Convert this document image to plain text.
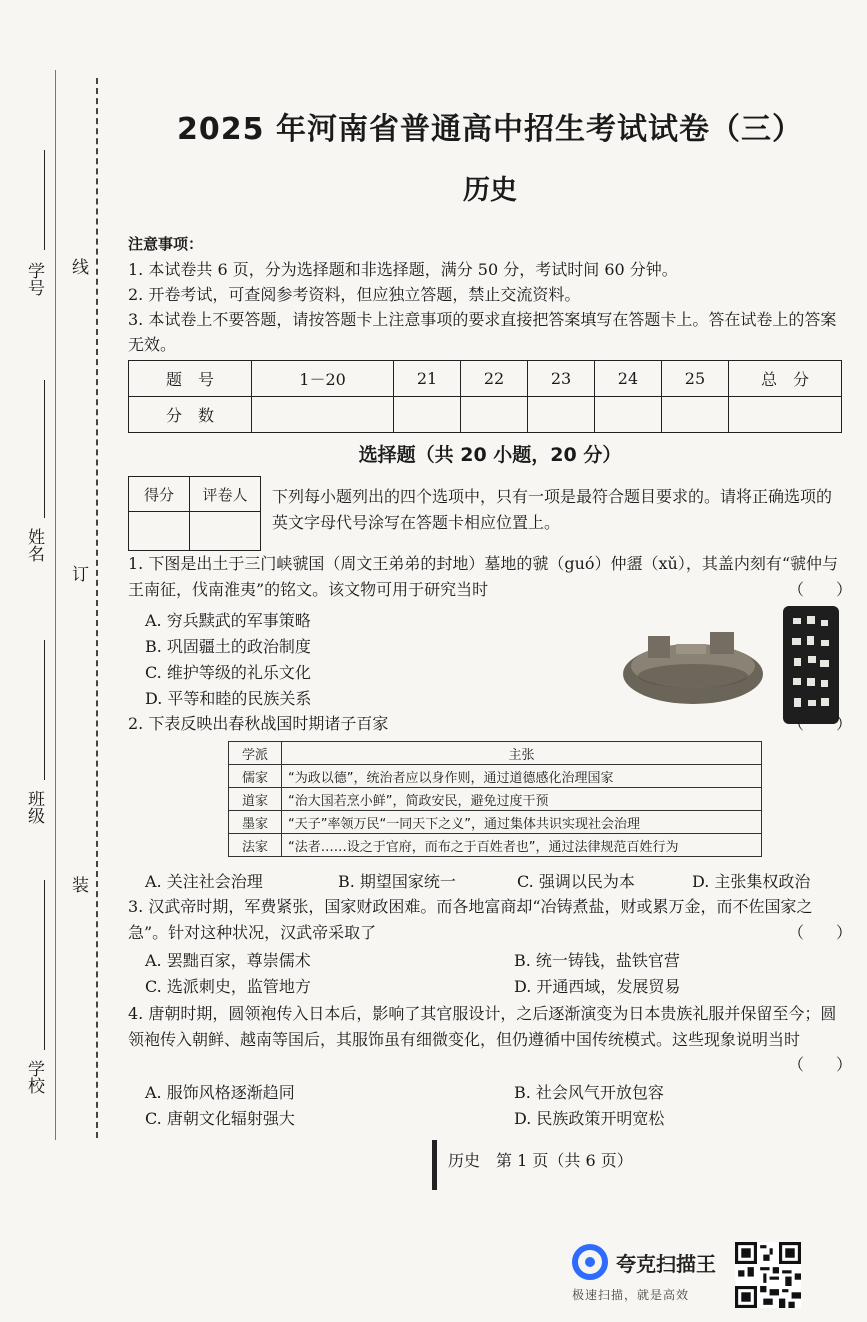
学号
姓名
班级
学校
线
订
装
2025 年河南省普通高中招生考试试卷（三）
历史
注意事项：
1. 本试卷共 6 页，分为选择题和非选择题，满分 50 分，考试时间 60 分钟。
2. 开卷考试，可查阅参考资料，但应独立答题，禁止交流资料。
3. 本试卷上不要答题，请按答题卡上注意事项的要求直接把答案填写在答题卡上。答在试卷上的答案无效。
题　号	1－20	21	22	23	24	25	总　分
分　数							
选择题（共 20 小题，20 分）
得分	评卷人
	下列每小题列出的四个选项中，只有一项是最符合题目要求的。请将正确选项的英文字母代号涂写在答题卡相应位置上。
1. 下图是出土于三门峡虢国（周文王弟弟的封地）墓地的虢（guó）仲盨（xǔ），其盖内刻有“虢仲与王南征，伐南淮夷”的铭文。该文物可用于研究当时	（　　）
A. 穷兵黩武的军事策略
B. 巩固疆土的政治制度
C. 维护等级的礼乐文化
D. 平等和睦的民族关系
2. 下表反映出春秋战国时期诸子百家	（　　）
学派	主张
儒家	“为政以德”，统治者应以身作则，通过道德感化治理国家
道家	“治大国若烹小鲜”，简政安民，避免过度干预
墨家	“天子”率领万民“一同天下之义”，通过集体共识实现社会治理
法家	“法者……设之于官府，而布之于百姓者也”，通过法律规范百姓行为
A. 关注社会治理	B. 期望国家统一	C. 强调以民为本	D. 主张集权政治
3. 汉武帝时期，军费紧张，国家财政困难。而各地富商却“冶铸煮盐，财或累万金，而不佐国家之急”。针对这种状况，汉武帝采取了	（　　）
A. 罢黜百家，尊崇儒术	B. 统一铸钱，盐铁官营
C. 选派刺史，监管地方	D. 开通西域，发展贸易
4. 唐朝时期，圆领袍传入日本后，影响了其官服设计，之后逐渐演变为日本贵族礼服并保留至今；圆领袍传入朝鲜、越南等国后，其服饰虽有细微变化，但仍遵循中国传统模式。这些现象说明当时
（　　）
A. 服饰风格逐渐趋同	B. 社会风气开放包容
C. 唐朝文化辐射强大	D. 民族政策开明宽松
历史　第 1 页（共 6 页）
夸克扫描王
极速扫描，就是高效
